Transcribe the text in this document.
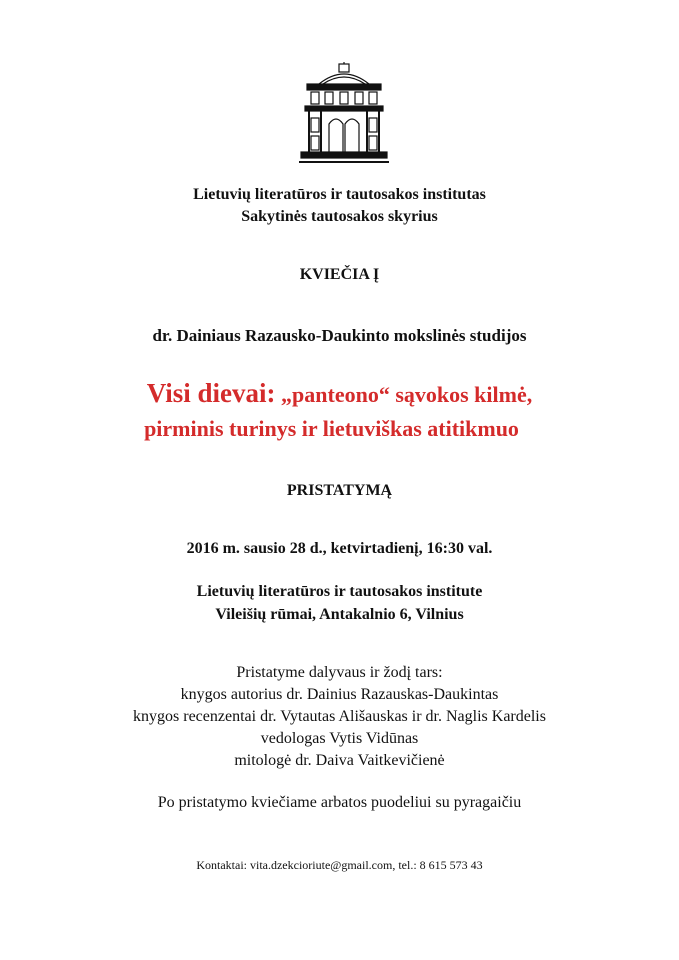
Lietuvių literatūros ir tautosakos institutas
Sakytinės tautosakos skyrius
KVIEČIA Į
dr. Dainiaus Razausko-Daukinto mokslinės studijos
Visi dievai: „panteono“ sąvokos kilmė,
pirminis turinys ir lietuviškas atitikmuo
PRISTATYMĄ
2016 m. sausio 28 d., ketvirtadienį, 16:30 val.
Lietuvių literatūros ir tautosakos institute
Vileišių rūmai, Antakalnio 6, Vilnius
Pristatyme dalyvaus ir žodį tars:
knygos autorius dr. Dainius Razauskas-Daukintas
knygos recenzentai dr. Vytautas Ališauskas ir dr. Naglis Kardelis
vedologas Vytis Vidūnas
mitologė dr. Daiva Vaitkevičienė
Po pristatymo kviečiame arbatos puodeliui su pyragaičiu
Kontaktai: vita.dzekcioriute@gmail.com, tel.: 8 615 573 43
